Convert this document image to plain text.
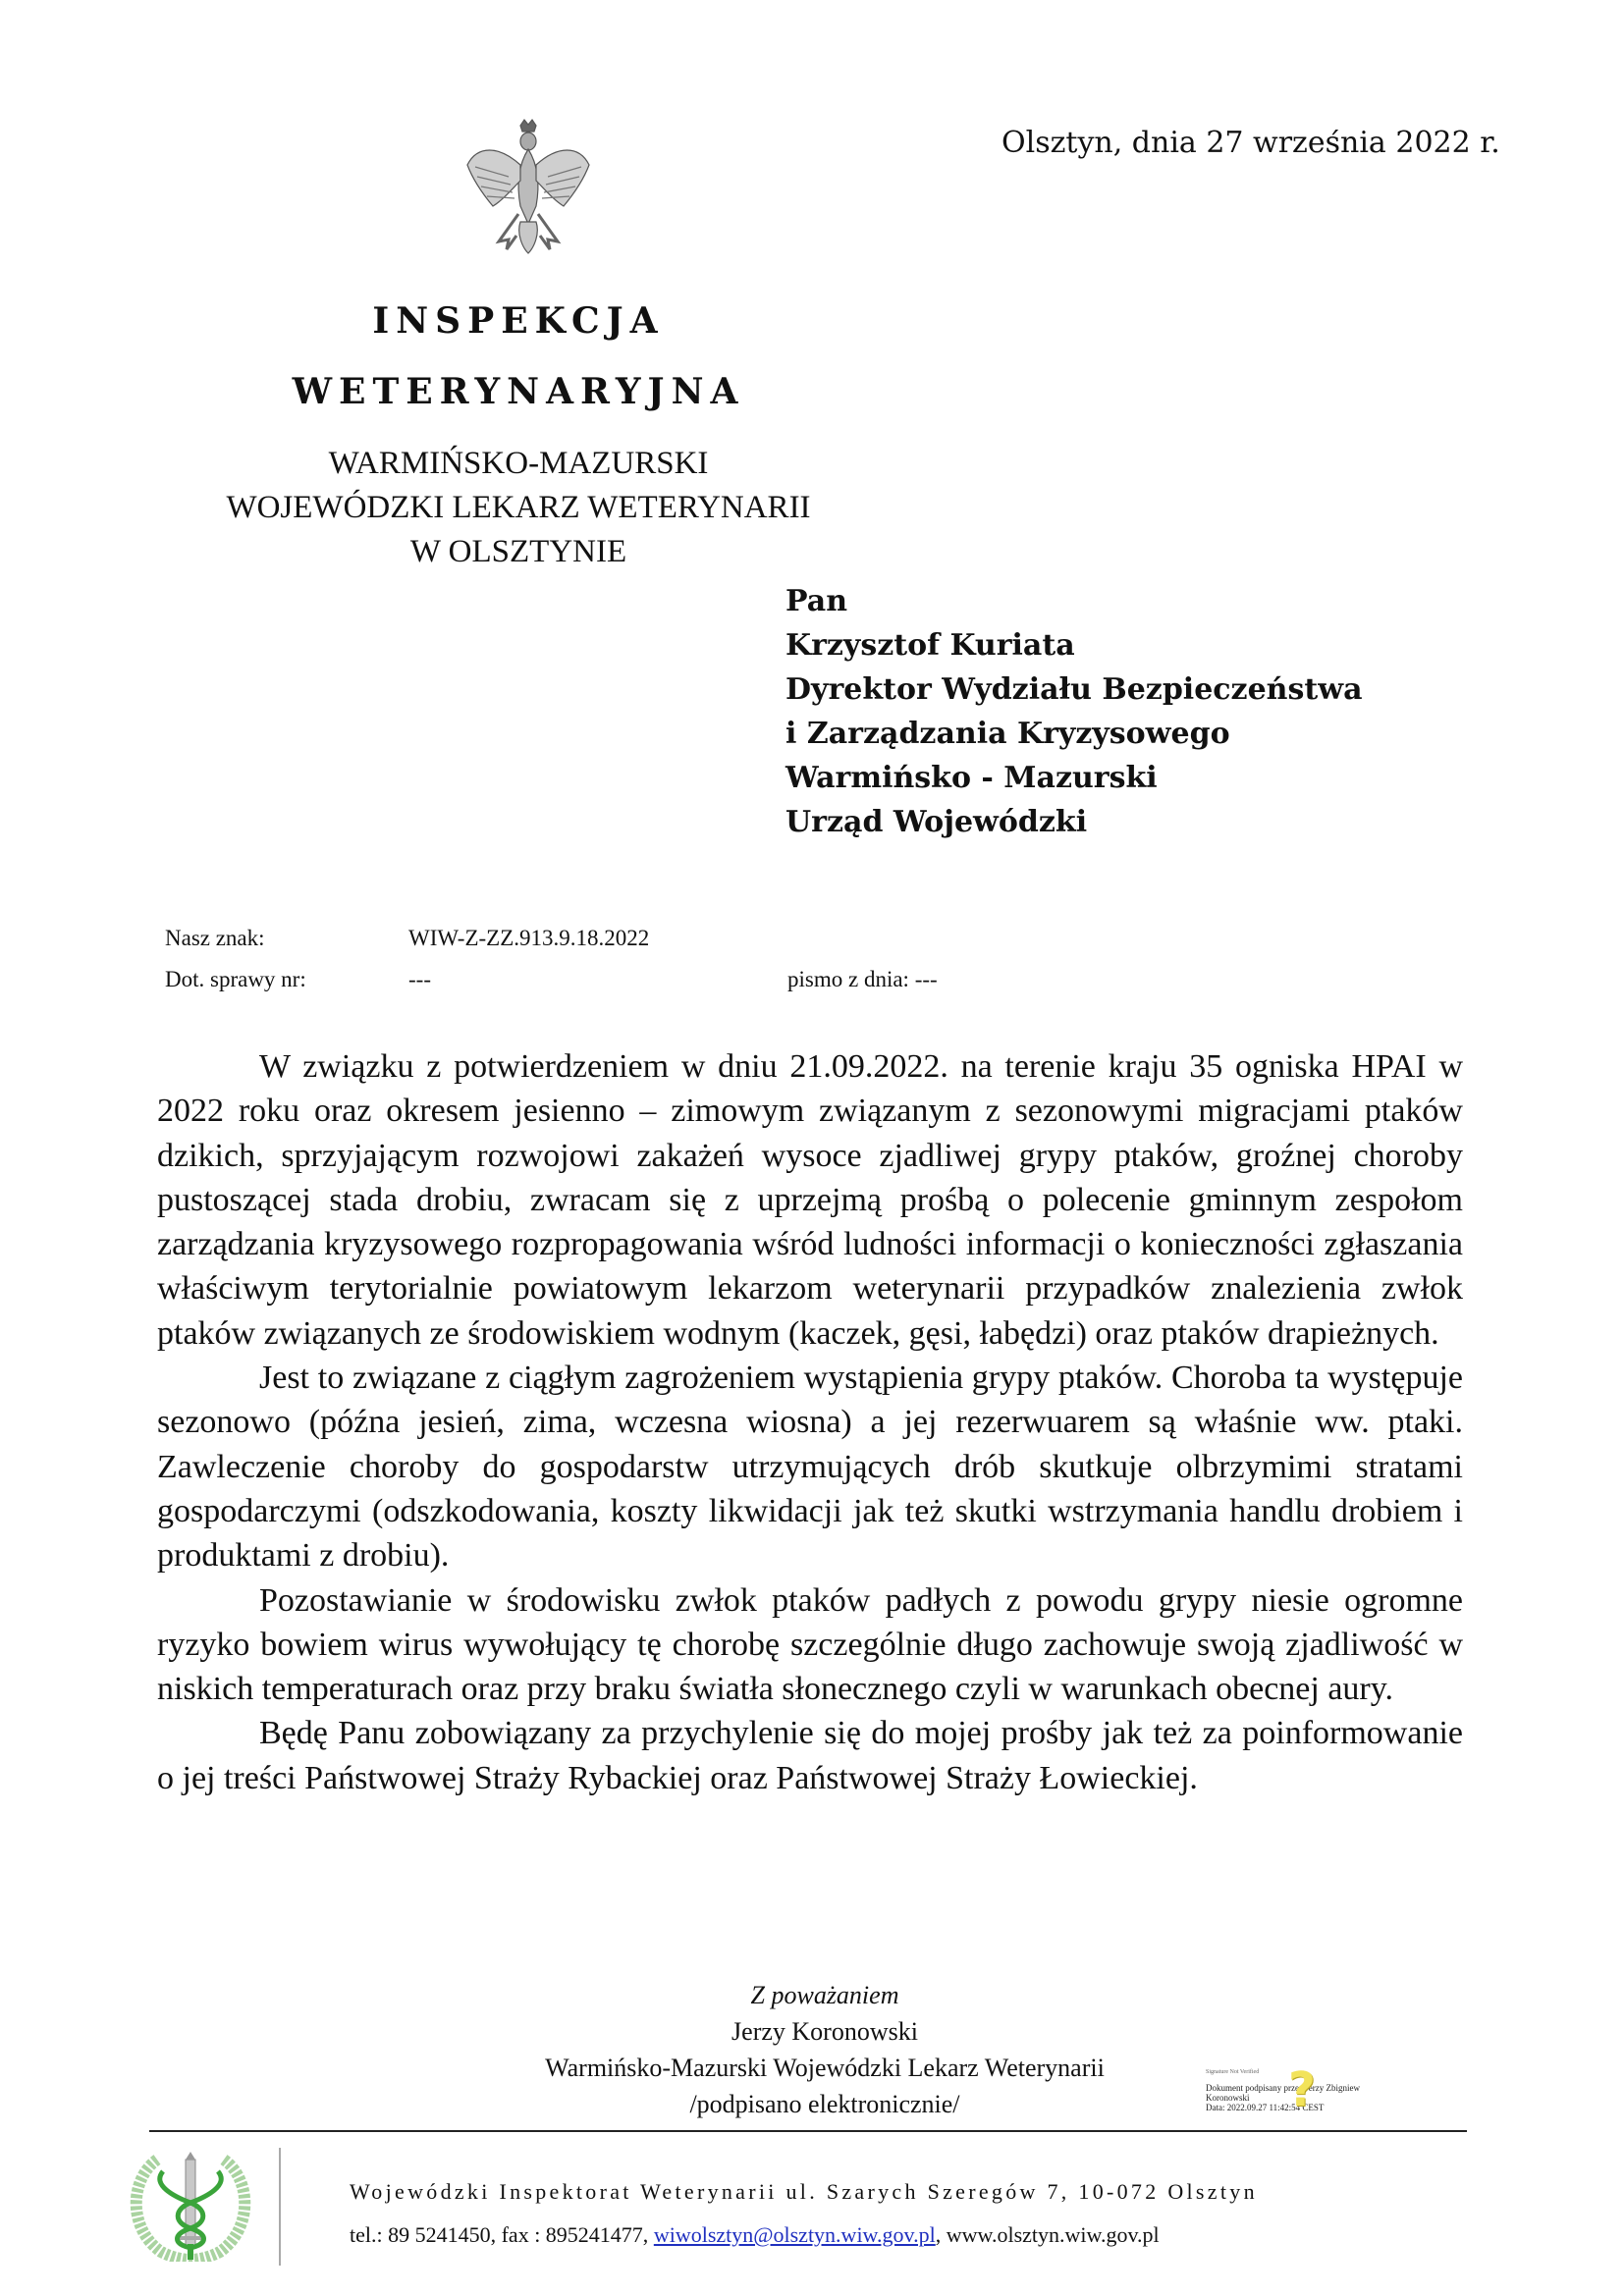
Olsztyn, dnia 27 września 2022 r.
INSPEKCJA
WETERYNARYJNA
WARMIŃSKO-MAZURSKI
WOJEWÓDZKI LEKARZ WETERYNARII
W OLSZTYNIE
Pan
Krzysztof Kuriata
Dyrektor Wydziału Bezpieczeństwa
i Zarządzania Kryzysowego
Warmińsko - Mazurski
Urząd Wojewódzki
Nasz znak:	WIW-Z-ZZ.913.9.18.2022
Dot. sprawy nr:	---	pismo z dnia: ---

W związku z potwierdzeniem w dniu 21.09.2022. na terenie kraju 35 ogniska HPAI w 2022 roku oraz okresem jesienno – zimowym związanym z sezonowymi migracjami ptaków dzikich, sprzyjającym rozwojowi zakażeń wysoce zjadliwej grypy ptaków, groźnej choroby pustoszącej stada drobiu, zwracam się z uprzejmą prośbą o polecenie gminnym zespołom zarządzania kryzysowego rozpropagowania wśród ludności informacji o konieczności zgłaszania właściwym terytorialnie powiatowym lekarzom weterynarii przypadków znalezienia zwłok ptaków związanych ze środowiskiem wodnym (kaczek, gęsi, łabędzi) oraz ptaków drapieżnych.

Jest to związane z ciągłym zagrożeniem wystąpienia grypy ptaków. Choroba ta występuje sezonowo (późna jesień, zima, wczesna wiosna) a jej rezerwuarem są właśnie ww. ptaki. Zawleczenie choroby do gospodarstw utrzymujących drób skutkuje olbrzymimi stratami gospodarczymi (odszkodowania, koszty likwidacji jak też skutki wstrzymania handlu drobiem i produktami z drobiu).

Pozostawianie w środowisku zwłok ptaków padłych z powodu grypy niesie ogromne ryzyko bowiem wirus wywołujący tę chorobę szczególnie długo zachowuje swoją zjadliwość w niskich temperaturach oraz przy braku światła słonecznego czyli w warunkach obecnej aury.

Będę Panu zobowiązany za przychylenie się do mojej prośby jak też za poinformowanie o jej treści Państwowej Straży Rybackiej oraz Państwowej Straży Łowieckiej.

Z poważaniem
Jerzy Koronowski
Warmińsko-Mazurski Wojewódzki Lekarz Weterynarii
/podpisano elektronicznie/
Signature Not Verified
Dokument podpisany przez Jerzy Zbigniew
Koronowski
Data: 2022.09.27 11:42:54 CEST
?
Wojewódzki Inspektorat Weterynarii ul. Szarych Szeregów 7, 10-072 Olsztyn
tel.: 89 5241450, fax : 895241477, wiwolsztyn@olsztyn.wiw.gov.pl, www.olsztyn.wiw.gov.pl
